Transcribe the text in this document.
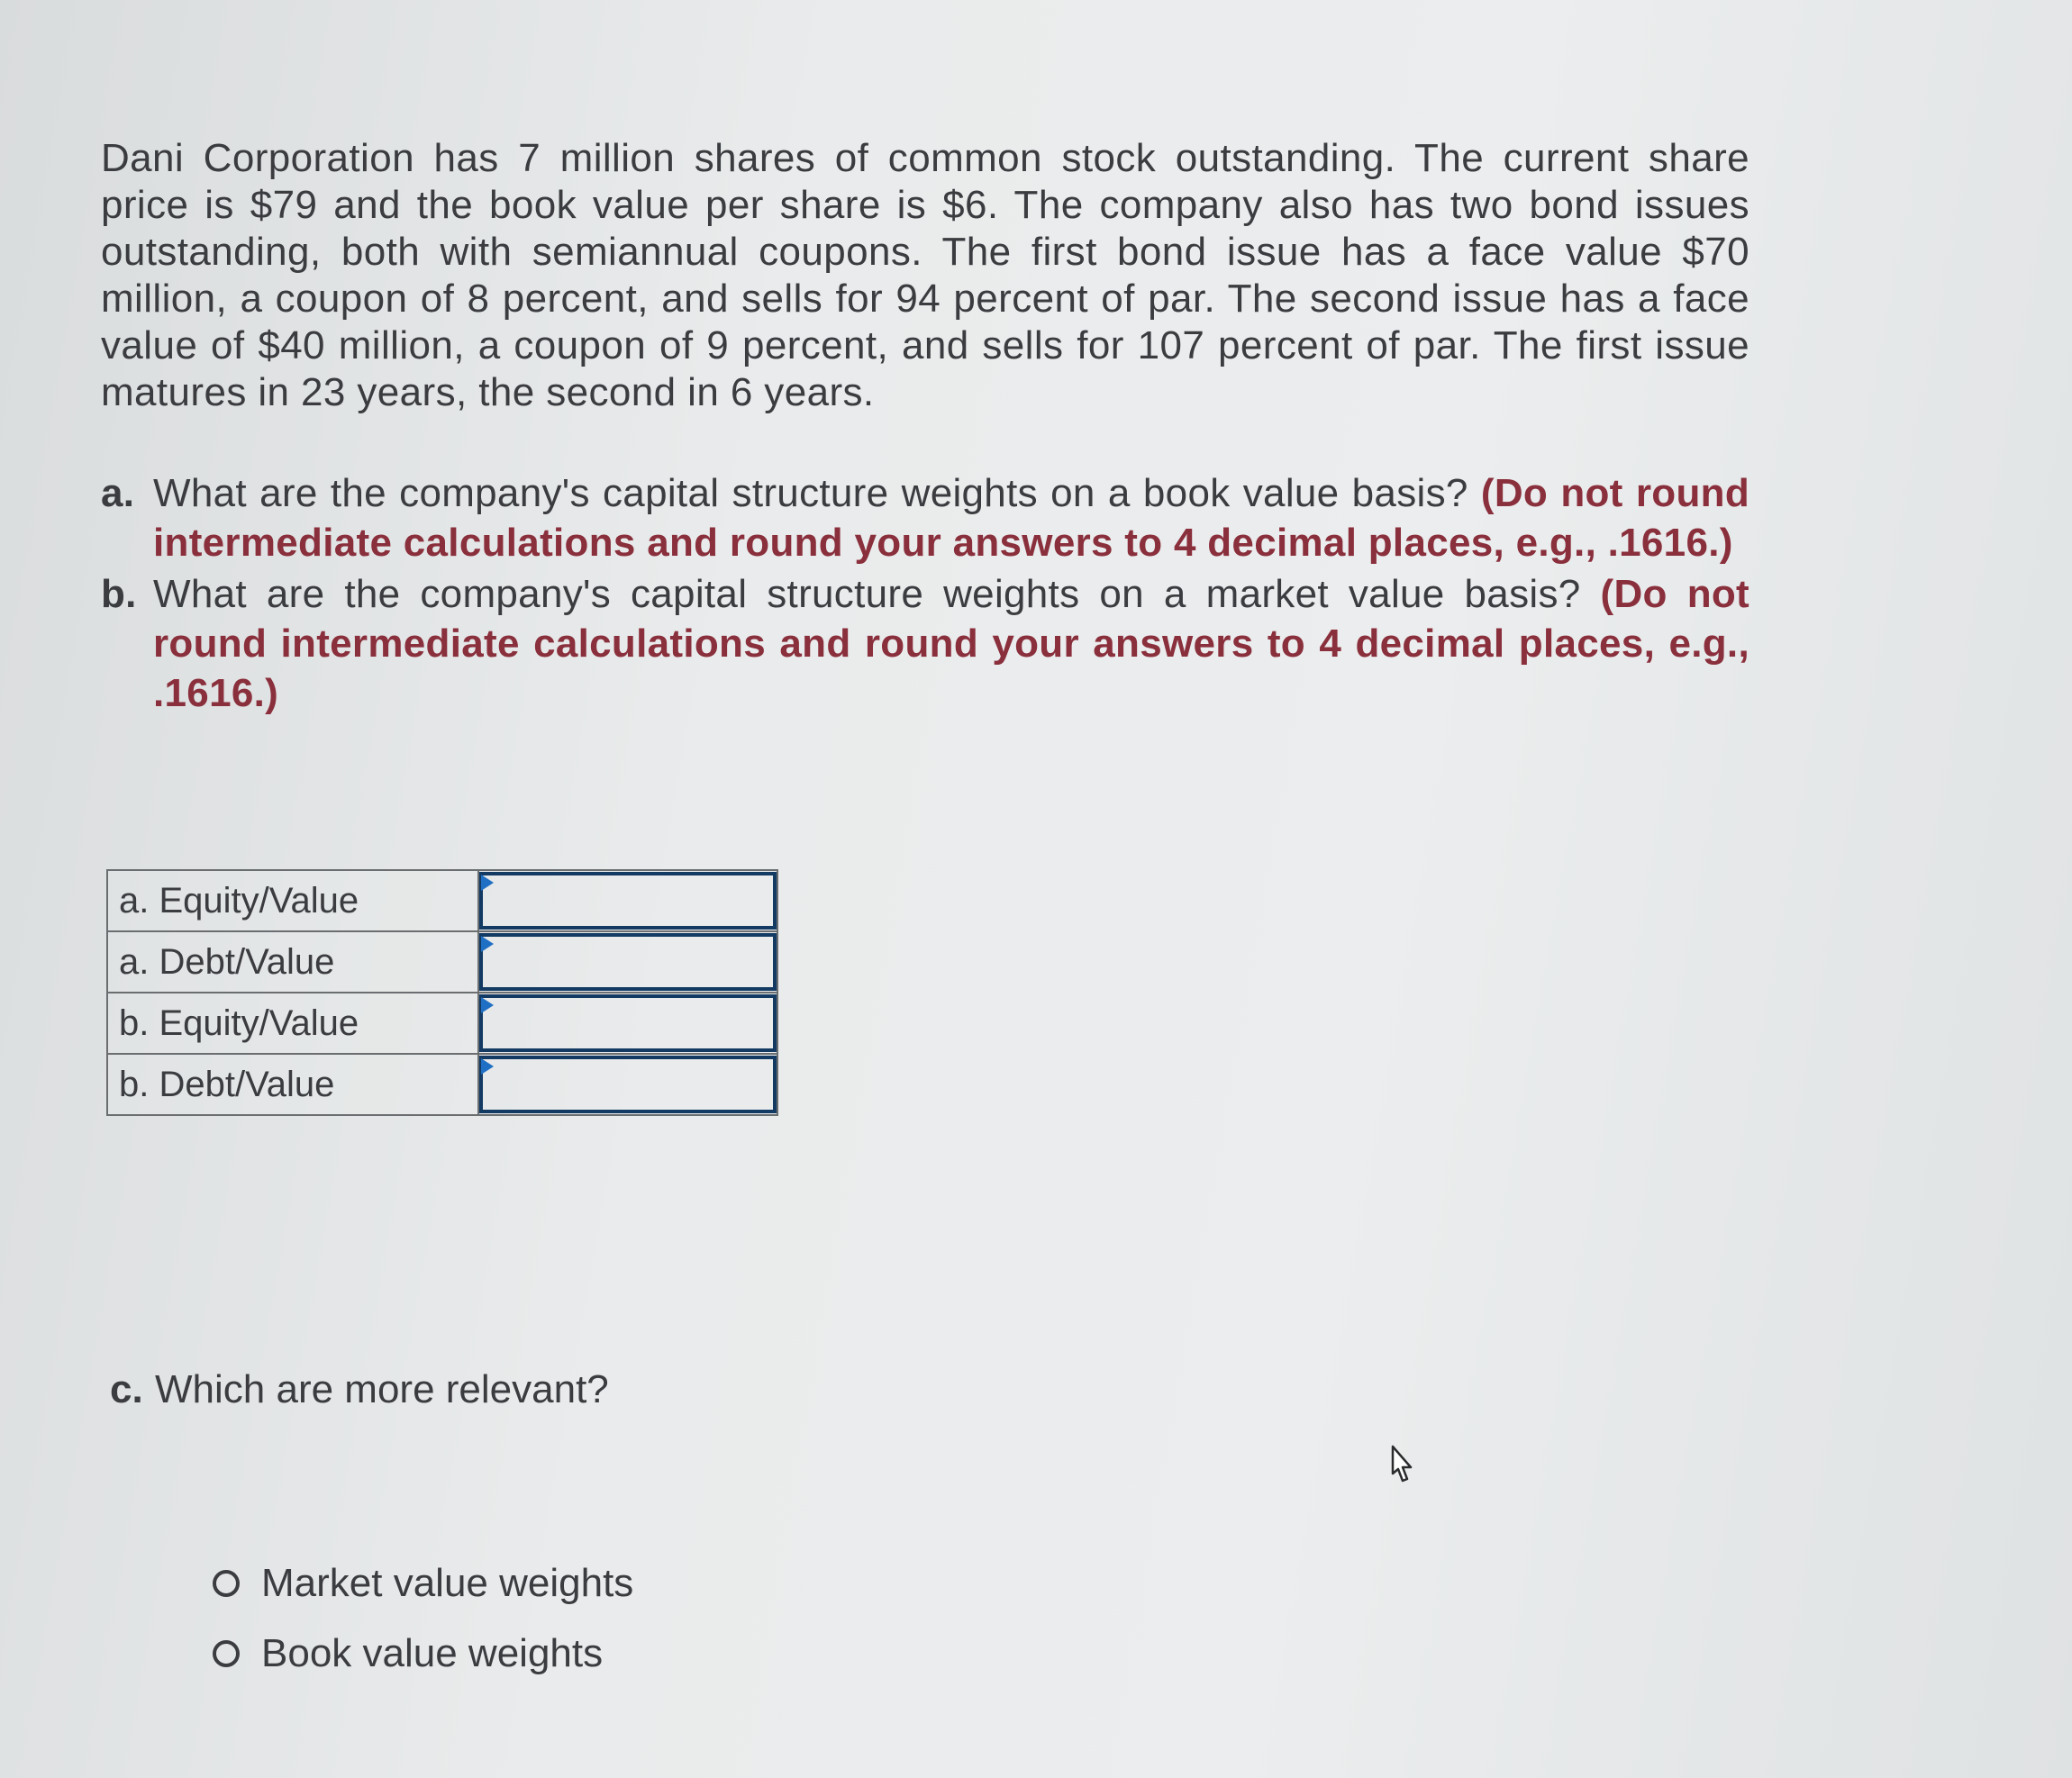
Dani Corporation has 7 million shares of common stock outstanding. The current share price is $79 and the book value per share is $6. The company also has two bond issues outstanding, both with semiannual coupons. The first bond issue has a face value $70 million, a coupon of 8 percent, and sells for 94 percent of par. The second issue has a face value of $40 million, a coupon of 9 percent, and sells for 107 percent of par. The first issue matures in 23 years, the second in 6 years.
a. What are the company's capital structure weights on a book value basis? (Do not round intermediate calculations and round your answers to 4 decimal places, e.g., .1616.)
b. What are the company's capital structure weights on a market value basis? (Do not round intermediate calculations and round your answers to 4 decimal places, e.g., .1616.)
a. Equity/Value	

a. Debt/Value	

b. Equity/Value	

b. Debt/Value	
c. Which are more relevant?
Market value weights
Book value weights
